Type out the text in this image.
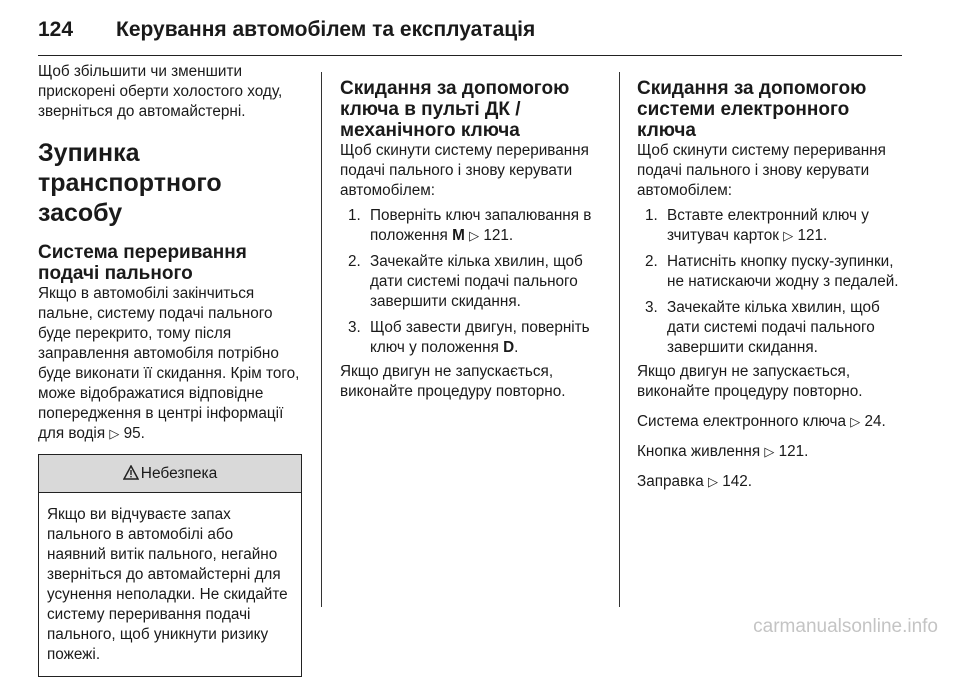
124 Керування автомобілем та експлуатація

Щоб збільшити чи зменшити прискорені оберти холостого ходу, зверніться до автомайстерні.

Зупинка транспортного засобу
Система переривання подачі пального

Якщо в автомобілі закінчиться пальне, систему подачі пального буде перекрито, тому після заправлення автомобіля потрібно буде виконати її скидання. Крім того, може відображатися відповідне попередження в центрі інформації для водія ▷ 95.

Небезпека
Якщо ви відчуваєте запах пального в автомобілі або наявний витік пального, негайно зверніться до автомайстерні для усунення неполадки. Не скидайте систему переривання подачі пального, щоб уникнути ризику пожежі.
Скидання за допомогою ключа в пульті ДК / механічного ключа

Щоб скинути систему переривання подачі пального і знову керувати автомобілем:

1. Поверніть ключ запалювання в положення M ▷ 121.
2. Зачекайте кілька хвилин, щоб дати системі подачі пального завершити скидання.
3. Щоб завести двигун, поверніть ключ у положення D.

Якщо двигун не запускається, виконайте процедуру повторно.

Скидання за допомогою системи електронного ключа

Щоб скинути систему переривання подачі пального і знову керувати автомобілем:

1. Вставте електронний ключ у зчитувач карток ▷ 121.
2. Натисніть кнопку пуску-зупинки, не натискаючи жодну з педалей.
3. Зачекайте кілька хвилин, щоб дати системі подачі пального завершити скидання.

Якщо двигун не запускається, виконайте процедуру повторно.

Система електронного ключа ▷ 24.

Кнопка живлення ▷ 121.

Заправка ▷ 142.

carmanualsonline.info
